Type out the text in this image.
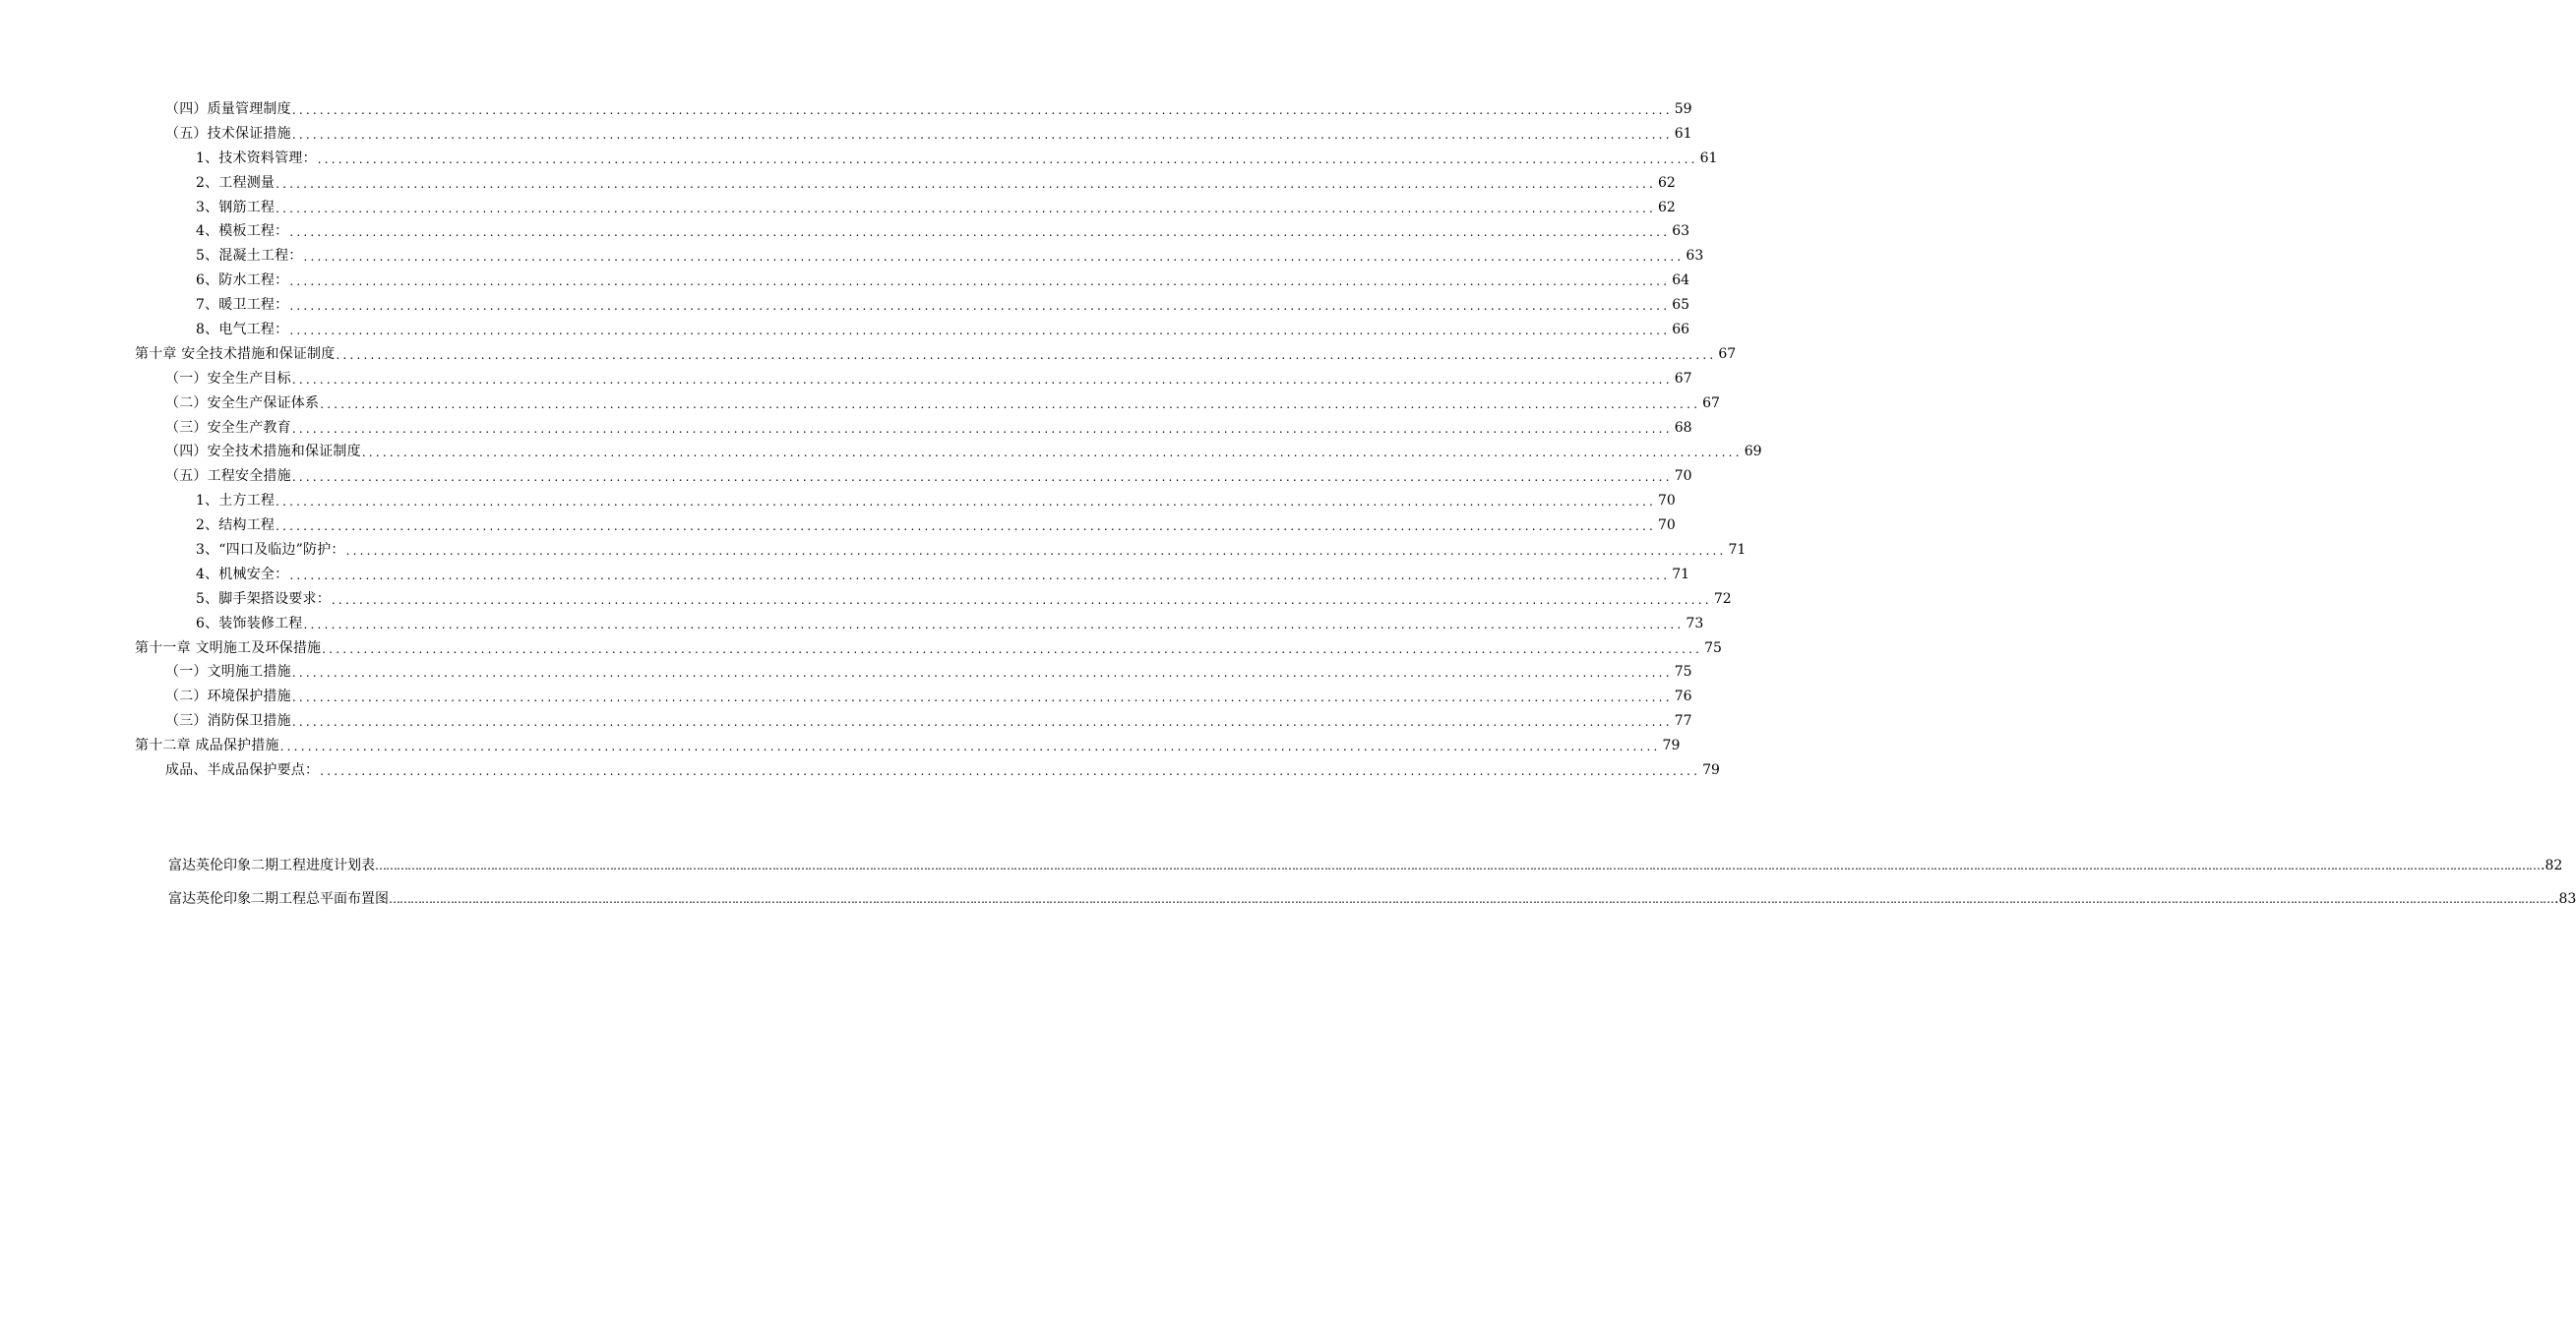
（四）质量管理制度 ........................................................................................................................................................................................................ 59
（五）技术保证措施 ........................................................................................................................................................................................................ 61
1、技术资料管理： ........................................................................................................................................................................................................ 61
2、工程测量 ........................................................................................................................................................................................................ 62
3、钢筋工程 ........................................................................................................................................................................................................ 62
4、模板工程： ........................................................................................................................................................................................................ 63
5、混凝土工程： ........................................................................................................................................................................................................ 63
6、防水工程： ........................................................................................................................................................................................................ 64
7、暖卫工程： ........................................................................................................................................................................................................ 65
8、电气工程： ........................................................................................................................................................................................................ 66
第十章 安全技术措施和保证制度 ........................................................................................................................................................................................................ 67
（一）安全生产目标 ........................................................................................................................................................................................................ 67
（二）安全生产保证体系 ........................................................................................................................................................................................................ 67
（三）安全生产教育 ........................................................................................................................................................................................................ 68
（四）安全技术措施和保证制度 ........................................................................................................................................................................................................ 69
（五）工程安全措施 ........................................................................................................................................................................................................ 70
1、土方工程 ........................................................................................................................................................................................................ 70
2、结构工程 ........................................................................................................................................................................................................ 70
3、“四口及临边”防护： ........................................................................................................................................................................................................ 71
4、机械安全： ........................................................................................................................................................................................................ 71
5、脚手架搭设要求： ........................................................................................................................................................................................................ 72
6、装饰装修工程 ........................................................................................................................................................................................................ 73
第十一章 文明施工及环保措施 ........................................................................................................................................................................................................ 75
（一）文明施工措施 ........................................................................................................................................................................................................ 75
（二）环境保护措施 ........................................................................................................................................................................................................ 76
（三）消防保卫措施 ........................................................................................................................................................................................................ 77
第十二章 成品保护措施 ........................................................................................................................................................................................................ 79
成品、半成品保护要点： ........................................................................................................................................................................................................ 79
富达英伦印象二期工程进度计划表 …………………………………………………………………………………………………………………………………………………………………………………………………………………………………………………………………………………………………………………………………………………………………………………………………………………………………………………………………………………………………………………………………………………… .82
富达英伦印象二期工程总平面布置图 …………………………………………………………………………………………………………………………………………………………………………………………………………………………………………………………………………………………………………………………………………………………………………………………………………………………………………………………………………………………………………………………………………………… .83
